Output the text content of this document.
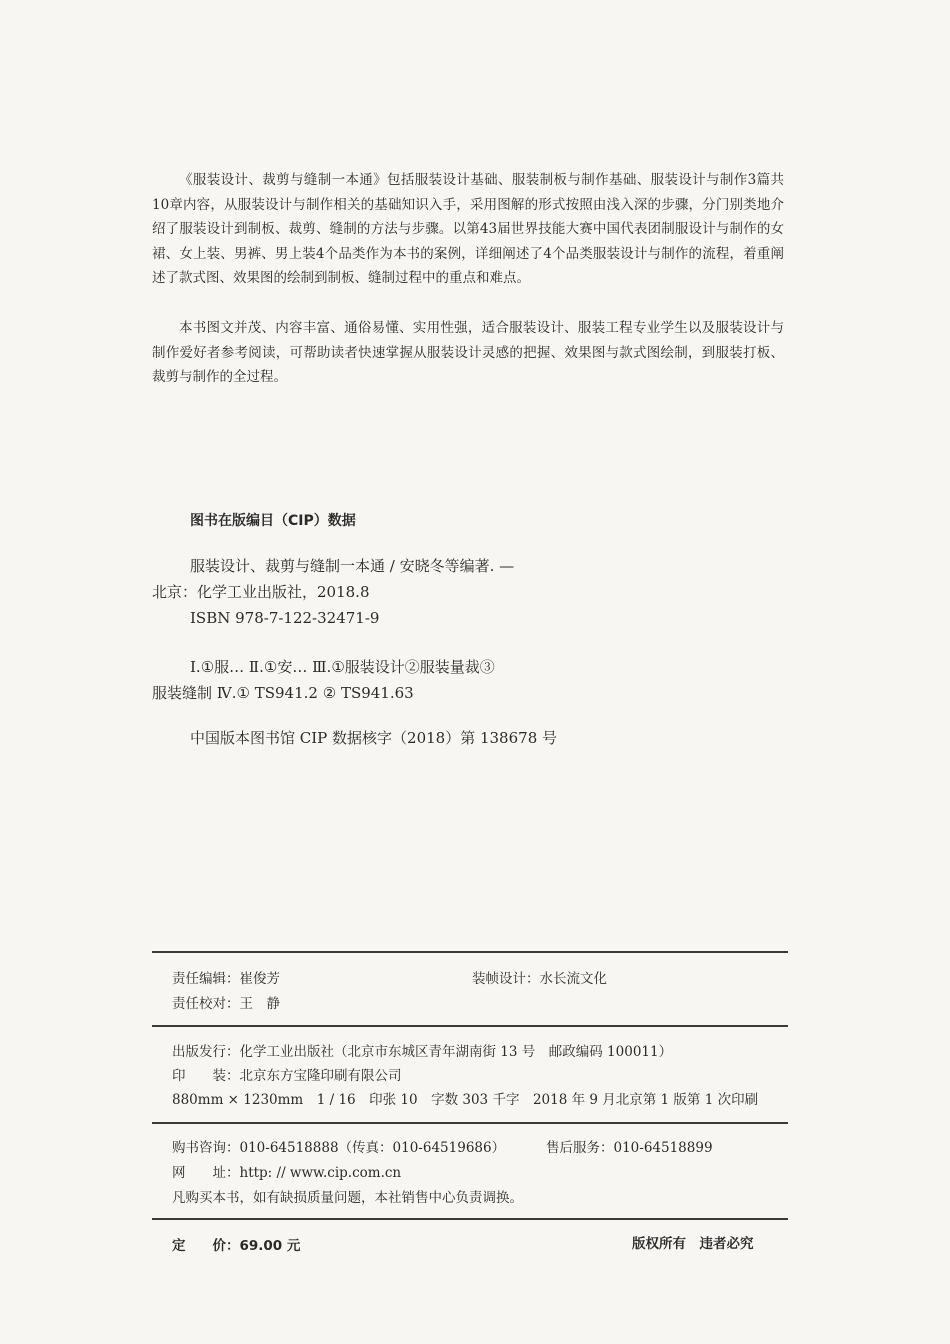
《服装设计、裁剪与缝制一本通》包括服装设计基础、服装制板与制作基础、服装设计与制作3篇共10章内容，从服装设计与制作相关的基础知识入手，采用图解的形式按照由浅入深的步骤，分门别类地介绍了服装设计到制板、裁剪、缝制的方法与步骤。以第43届世界技能大赛中国代表团制服设计与制作的女裙、女上装、男裤、男上装4个品类作为本书的案例，详细阐述了4个品类服装设计与制作的流程，着重阐述了款式图、效果图的绘制到制板、缝制过程中的重点和难点。

本书图文并茂、内容丰富、通俗易懂、实用性强，适合服装设计、服装工程专业学生以及服装设计与制作爱好者参考阅读，可帮助读者快速掌握从服装设计灵感的把握、效果图与款式图绘制，到服装打板、裁剪与制作的全过程。

图书在版编目（CIP）数据
服装设计、裁剪与缝制一本通 / 安晓冬等编著. —
北京：化学工业出版社，2018.8
ISBN 978-7-122-32471-9
Ⅰ.①服… Ⅱ.①安… Ⅲ.①服装设计②服装量裁③
服装缝制 Ⅳ.① TS941.2 ② TS941.63
中国版本图书馆 CIP 数据核字（2018）第 138678 号
责任编辑：崔俊芳	装帧设计：水长流文化
责任校对：王　静
出版发行：化学工业出版社（北京市东城区青年湖南街 13 号　邮政编码 100011）
印　　装：北京东方宝隆印刷有限公司
880mm × 1230mm　1 / 16　印张 10　字数 303 千字　2018 年 9 月北京第 1 版第 1 次印刷
购书咨询：010-64518888（传真：010-64519686）	售后服务：010-64518899
网　　址：http: // www.cip.com.cn
凡购买本书，如有缺损质量问题，本社销售中心负责调换。
定　　价：69.00 元	版权所有　违者必究
